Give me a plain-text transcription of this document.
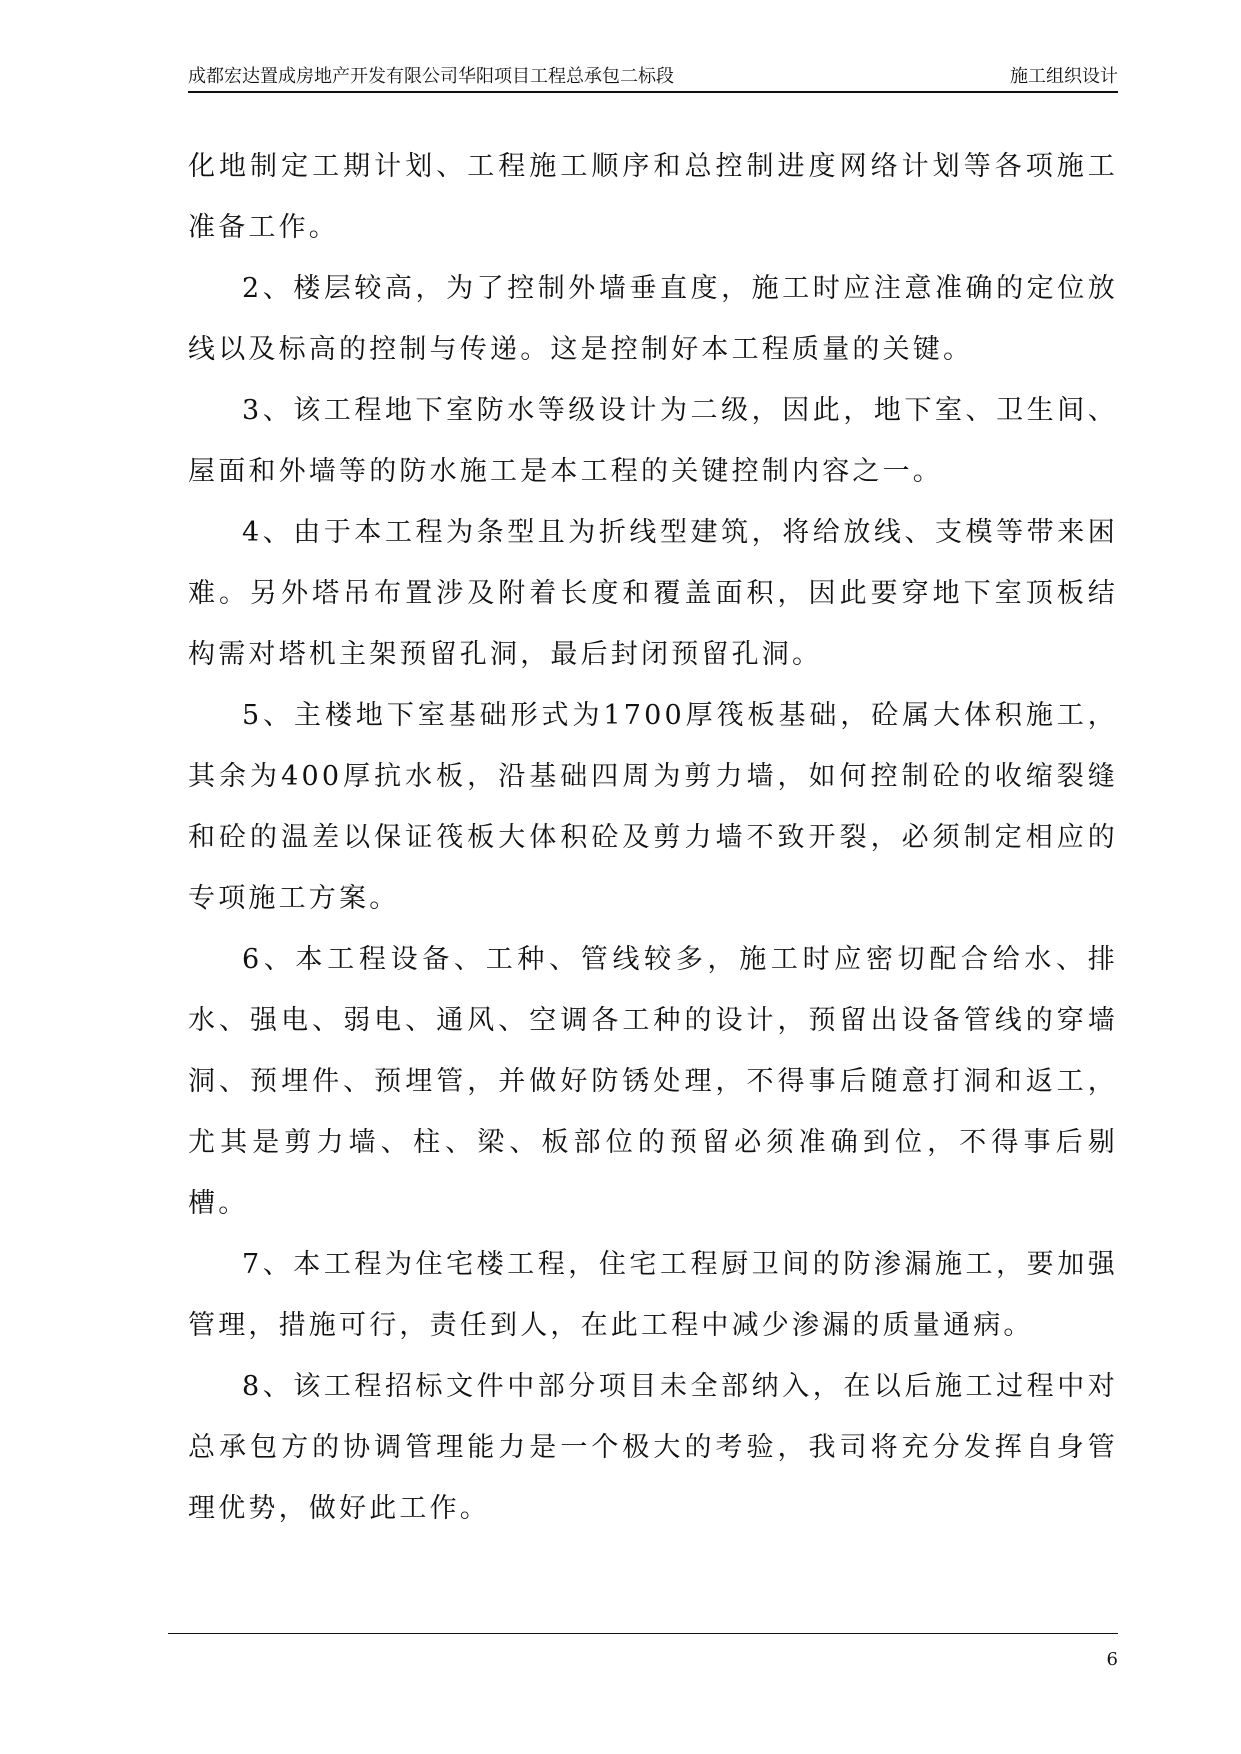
成都宏达置成房地产开发有限公司华阳项目工程总承包二标段	施工组织设计

化地制定工期计划、工程施工顺序和总控制进度网络计划等各项施工准备工作。

2、楼层较高，为了控制外墙垂直度，施工时应注意准确的定位放线以及标高的控制与传递。这是控制好本工程质量的关键。

3、该工程地下室防水等级设计为二级，因此，地下室、卫生间、屋面和外墙等的防水施工是本工程的关键控制内容之一。

4、由于本工程为条型且为折线型建筑，将给放线、支模等带来困难。另外塔吊布置涉及附着长度和覆盖面积，因此要穿地下室顶板结构需对塔机主架预留孔洞，最后封闭预留孔洞。

5、主楼地下室基础形式为1700厚筏板基础，砼属大体积施工，其余为400厚抗水板，沿基础四周为剪力墙，如何控制砼的收缩裂缝和砼的温差以保证筏板大体积砼及剪力墙不致开裂，必须制定相应的专项施工方案。

6、本工程设备、工种、管线较多，施工时应密切配合给水、排水、强电、弱电、通风、空调各工种的设计，预留出设备管线的穿墙洞、预埋件、预埋管，并做好防锈处理，不得事后随意打洞和返工，尤其是剪力墙、柱、梁、板部位的预留必须准确到位，不得事后剔槽。

7、本工程为住宅楼工程，住宅工程厨卫间的防渗漏施工，要加强管理，措施可行，责任到人，在此工程中减少渗漏的质量通病。

8、该工程招标文件中部分项目未全部纳入，在以后施工过程中对总承包方的协调管理能力是一个极大的考验，我司将充分发挥自身管理优势，做好此工作。

6
